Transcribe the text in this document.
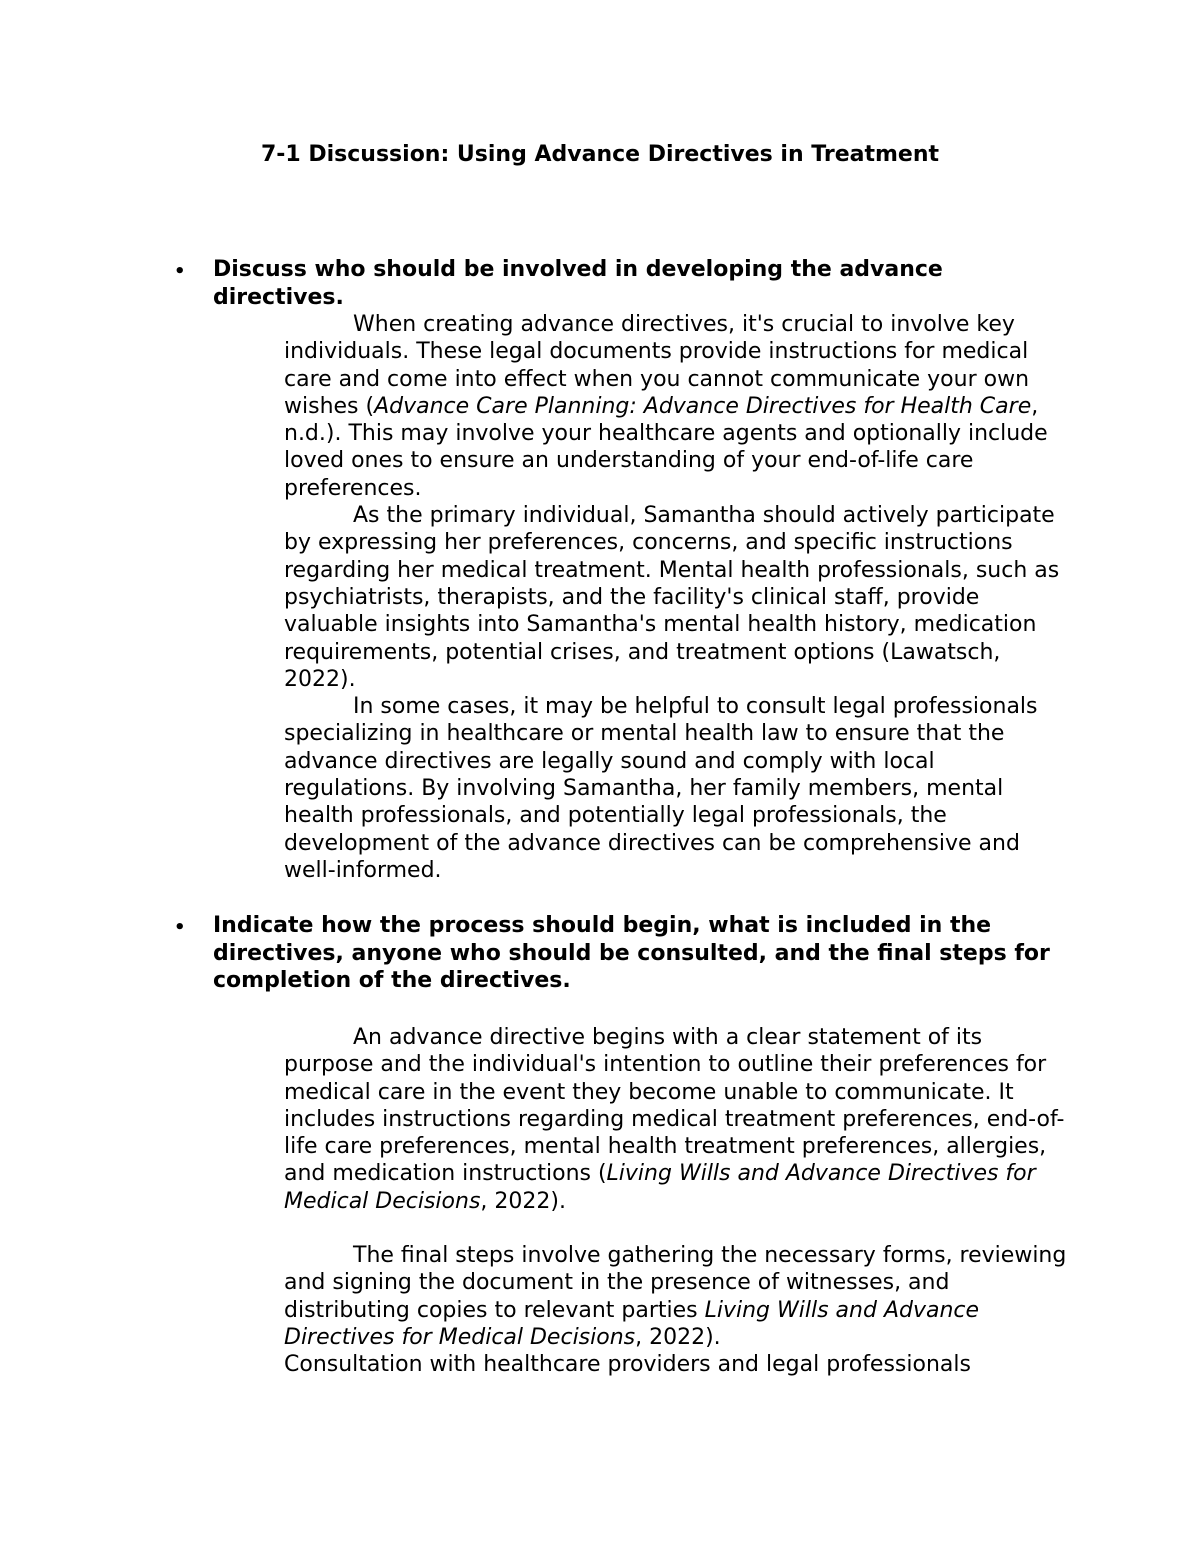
7-1 Discussion: Using Advance Directives in Treatment
• Discuss who should be involved in developing the advance directives.

When creating advance directives, it's crucial to involve key individuals. These legal documents provide instructions for medical care and come into effect when you cannot communicate your own wishes (Advance Care Planning: Advance Directives for Health Care, n.d.). This may involve your healthcare agents and optionally include loved ones to ensure an understanding of your end-of-life care preferences.

As the primary individual, Samantha should actively participate by expressing her preferences, concerns, and specific instructions regarding her medical treatment. Mental health professionals, such as psychiatrists, therapists, and the facility's clinical staff, provide valuable insights into Samantha's mental health history, medication requirements, potential crises, and treatment options (Lawatsch, 2022).

In some cases, it may be helpful to consult legal professionals specializing in healthcare or mental health law to ensure that the advance directives are legally sound and comply with local regulations. By involving Samantha, her family members, mental health professionals, and potentially legal professionals, the development of the advance directives can be comprehensive and well-informed.

• Indicate how the process should begin, what is included in the directives, anyone who should be consulted, and the final steps for completion of the directives.

An advance directive begins with a clear statement of its purpose and the individual's intention to outline their preferences for medical care in the event they become unable to communicate. It includes instructions regarding medical treatment preferences, end-of-life care preferences, mental health treatment preferences, allergies, and medication instructions (Living Wills and Advance Directives for Medical Decisions, 2022).

The final steps involve gathering the necessary forms, reviewing and signing the document in the presence of witnesses, and distributing copies to relevant parties Living Wills and Advance Directives for Medical Decisions, 2022).

Consultation with healthcare providers and legal professionals
